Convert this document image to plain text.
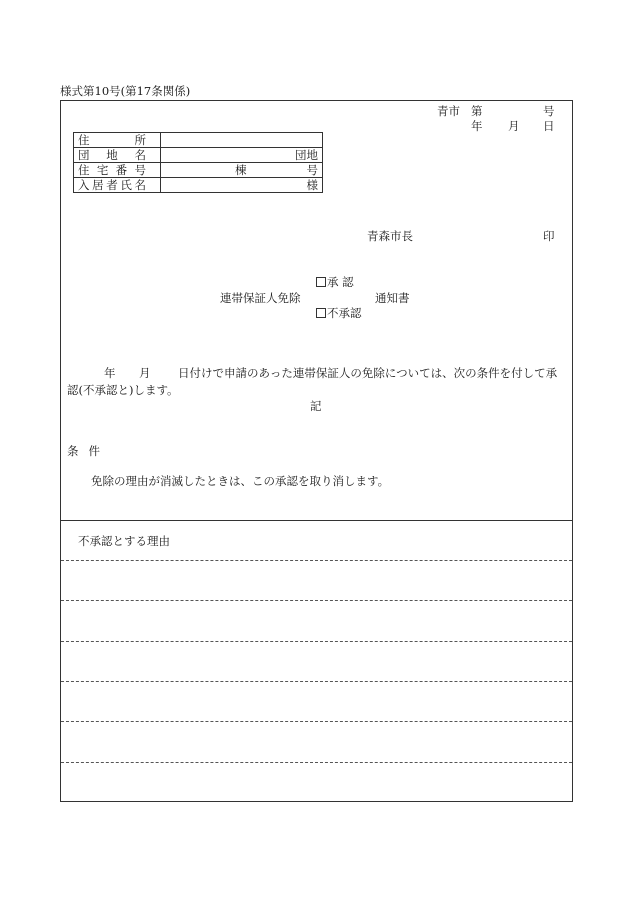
様式第10号(第17条関係)
青市 第	号
年 月 日
住 所	

団 地 名	団地

住 宅 番 号	棟 号

入 居 者 氏 名	様
青森市長	印
承 認
連帯保証人免除	通知書
不承認
年	月	日付けで申請のあった連帯保証人の免除については、次の条件を付して承
認(不承認と)します。
記
条件
免除の理由が消滅したときは、この承認を取り消します。
不承認とする理由
